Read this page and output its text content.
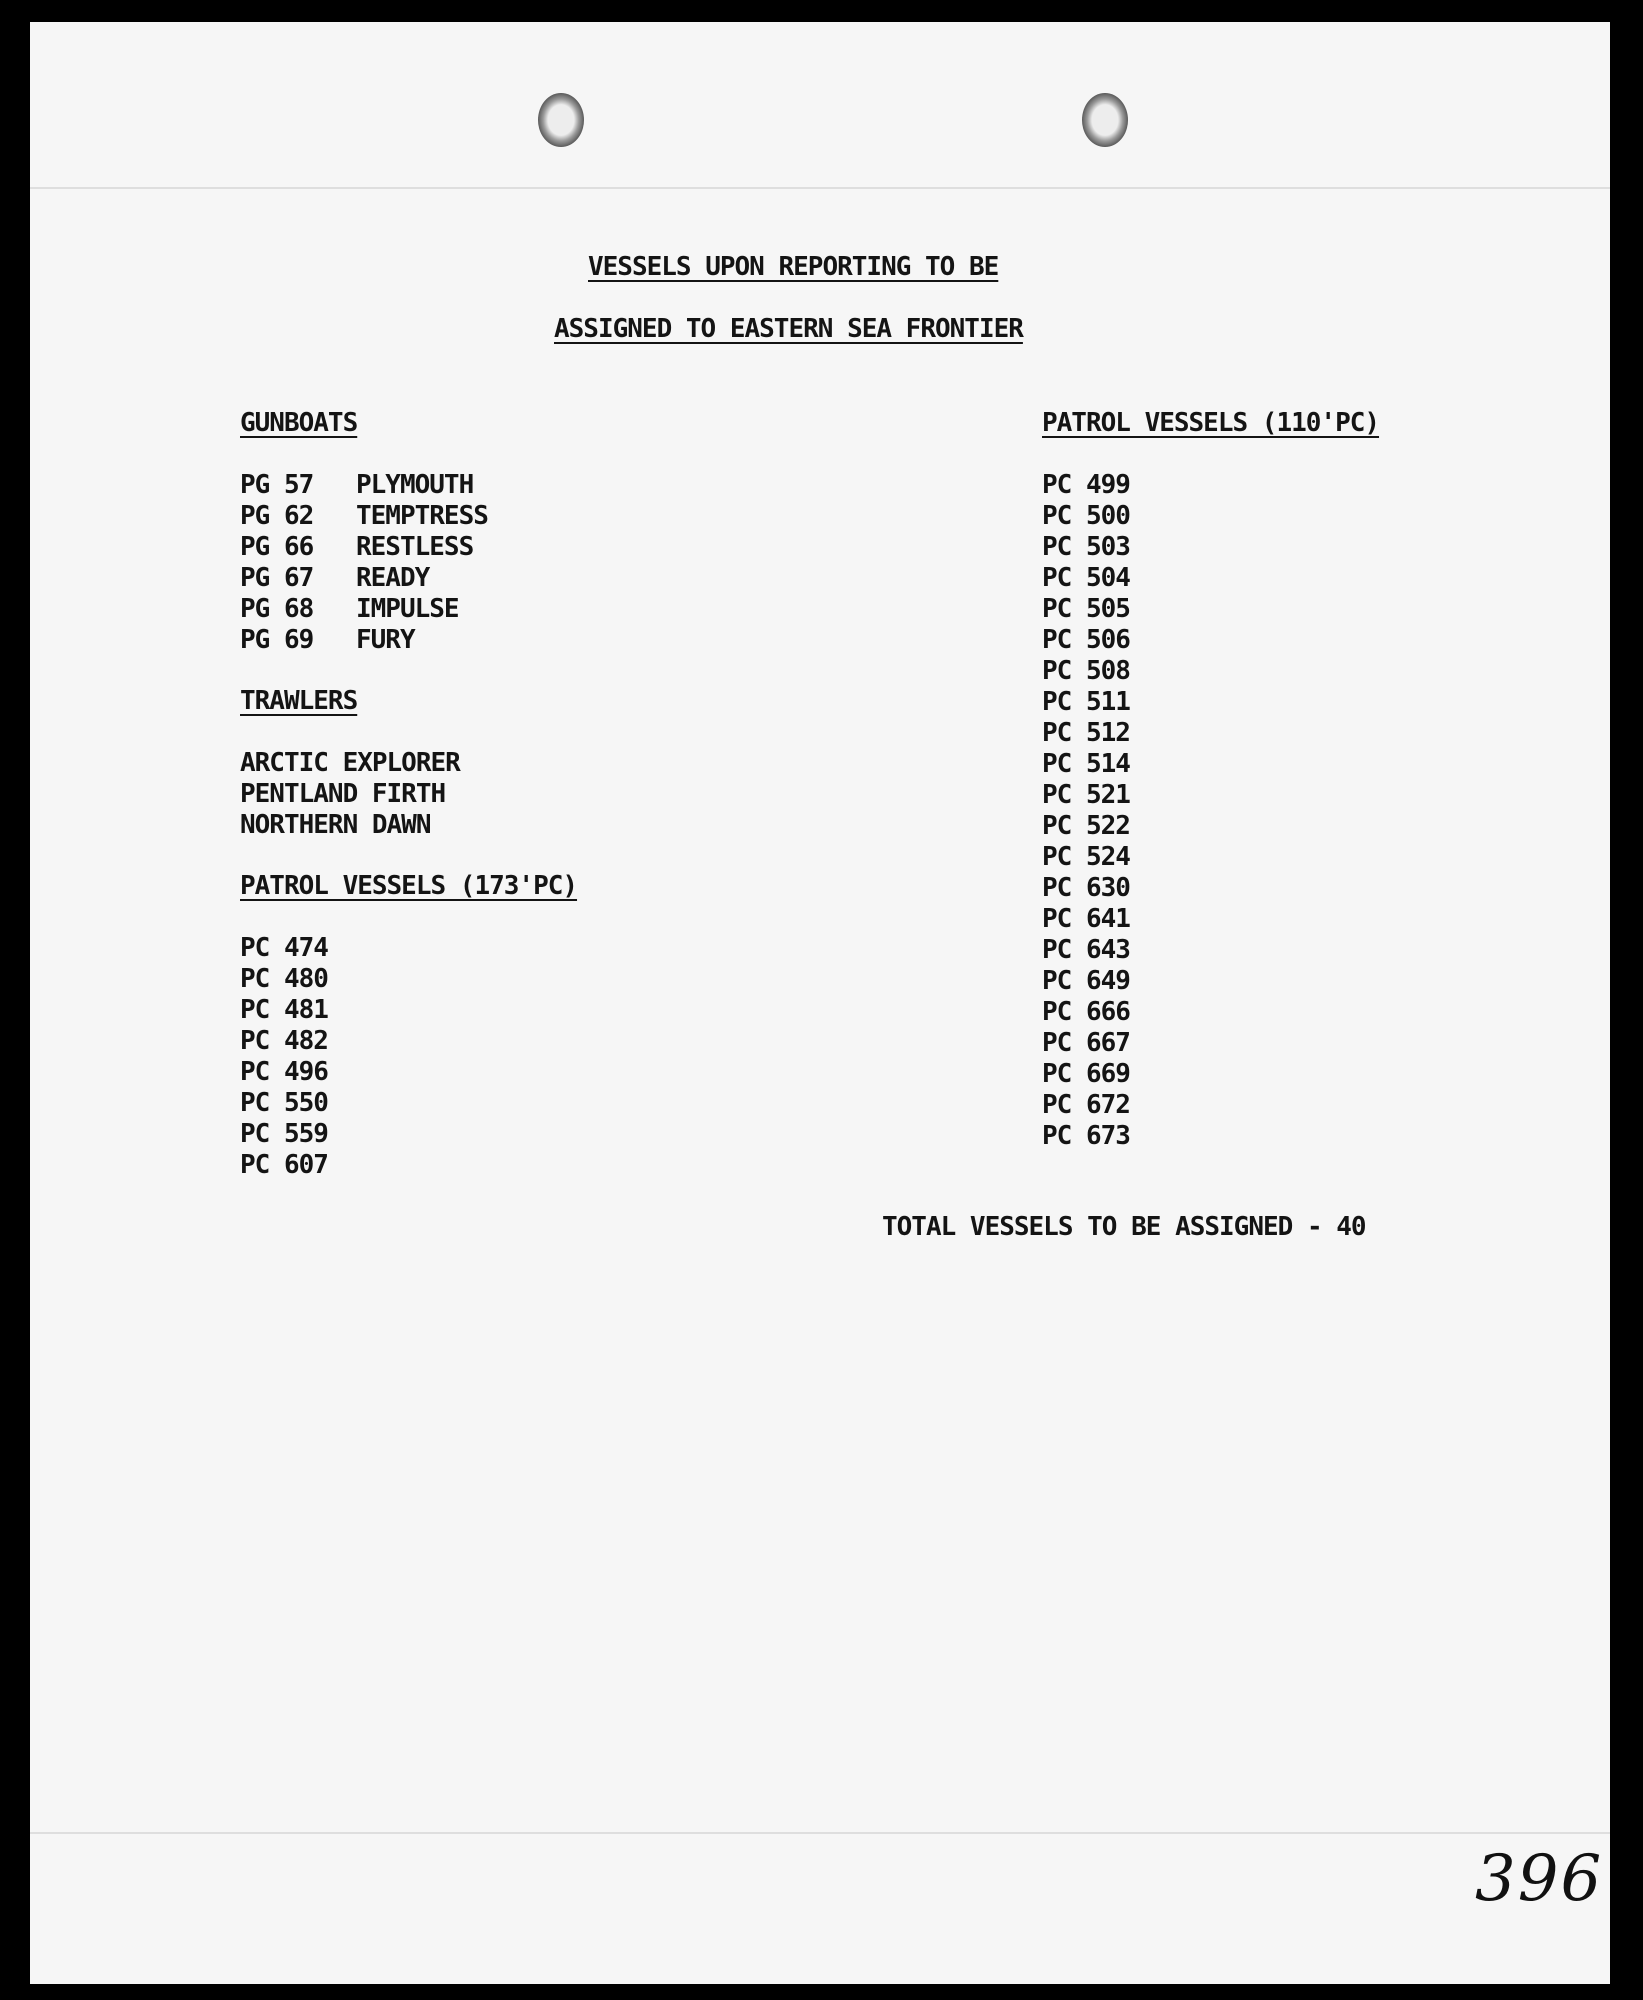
VESSELS UPON REPORTING TO BE
ASSIGNED TO EASTERN SEA FRONTIER
GUNBOATS
PG 57 PLYMOUTH
PG 62 TEMPTRESS
PG 66 RESTLESS
PG 67 READY
PG 68 IMPULSE
PG 69 FURY
TRAWLERS
ARCTIC EXPLORER
PENTLAND FIRTH
NORTHERN DAWN
PATROL VESSELS (173'PC)
PC 474
PC 480
PC 481
PC 482
PC 496
PC 550
PC 559
PC 607
PATROL VESSELS (110'PC)
PC 499
PC 500
PC 503
PC 504
PC 505
PC 506
PC 508
PC 511
PC 512
PC 514
PC 521
PC 522
PC 524
PC 630
PC 641
PC 643
PC 649
PC 666
PC 667
PC 669
PC 672
PC 673
TOTAL VESSELS TO BE ASSIGNED - 40
396
